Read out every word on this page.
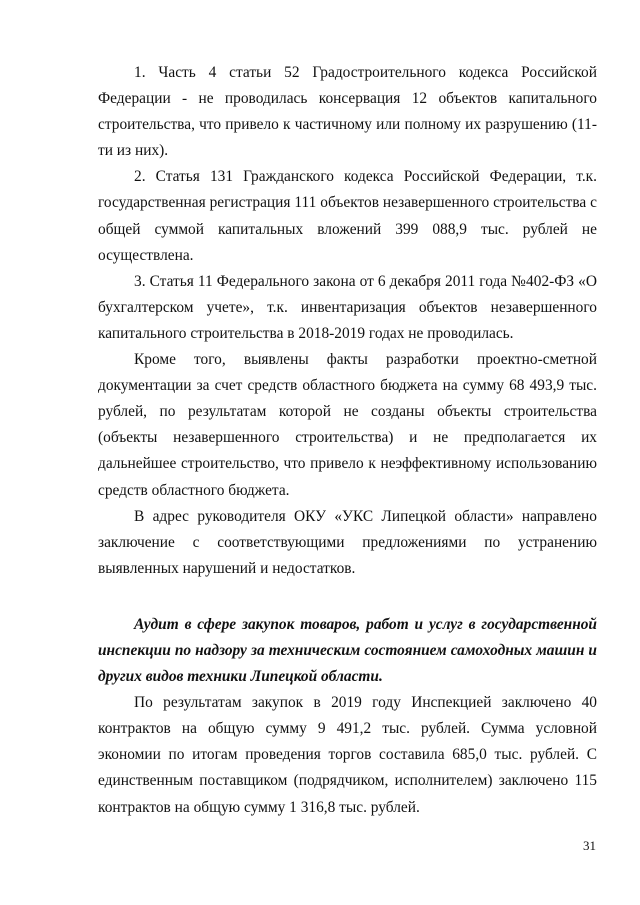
1. Часть 4 статьи 52 Градостроительного кодекса Российской Федерации - не проводилась консервация 12 объектов капитального строительства, что привело к частичному или полному их разрушению (11-ти из них).

2. Статья 131 Гражданского кодекса Российской Федерации, т.к. государственная регистрация 111 объектов незавершенного строительства с общей суммой капитальных вложений 399 088,9 тыс. рублей не осуществлена.

3. Статья 11 Федерального закона от 6 декабря 2011 года №402-ФЗ «О бухгалтерском учете», т.к. инвентаризация объектов незавершенного капитального строительства в 2018-2019 годах не проводилась.

Кроме того, выявлены факты разработки проектно-сметной документации за счет средств областного бюджета на сумму 68 493,9 тыс. рублей, по результатам которой не созданы объекты строительства (объекты незавершенного строительства) и не предполагается их дальнейшее строительство, что привело к неэффективному использованию средств областного бюджета.

В адрес руководителя ОКУ «УКС Липецкой области» направлено заключение с соответствующими предложениями по устранению выявленных нарушений и недостатков.

Аудит в сфере закупок товаров, работ и услуг в государственной инспекции по надзору за техническим состоянием самоходных машин и других видов техники Липецкой области.

По результатам закупок в 2019 году Инспекцией заключено 40 контрактов на общую сумму 9 491,2 тыс. рублей. Сумма условной экономии по итогам проведения торгов составила 685,0 тыс. рублей. С единственным поставщиком (подрядчиком, исполнителем) заключено 115 контрактов на общую сумму 1 316,8 тыс. рублей.

31
